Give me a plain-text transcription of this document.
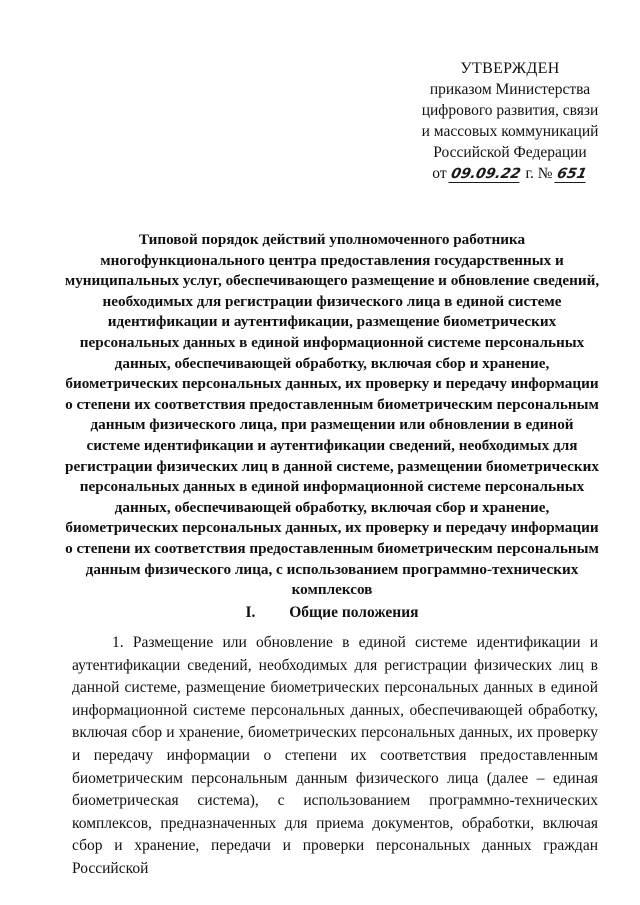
УТВЕРЖДЕН
приказом Министерства
цифрового развития, связи
и массовых коммуникаций
Российской Федерации
от 09.09.22 г. № 651
Типовой порядок действий уполномоченного работника многофункционального центра предоставления государственных и муниципальных услуг, обеспечивающего размещение и обновление сведений, необходимых для регистрации физического лица в единой системе идентификации и аутентификации, размещение биометрических персональных данных в единой информационной системе персональных данных, обеспечивающей обработку, включая сбор и хранение, биометрических персональных данных, их проверку и передачу информации о степени их соответствия предоставленным биометрическим персональным данным физического лица, при размещении или обновлении в единой системе идентификации и аутентификации сведений, необходимых для регистрации физических лиц в данной системе, размещении биометрических персональных данных в единой информационной системе персональных данных, обеспечивающей обработку, включая сбор и хранение, биометрических персональных данных, их проверку и передачу информации о степени их соответствия предоставленным биометрическим персональным данным физического лица, с использованием программно-технических комплексов
I. Общие положения

1. Размещение или обновление в единой системе идентификации и аутентификации сведений, необходимых для регистрации физических лиц в данной системе, размещение биометрических персональных данных в единой информационной системе персональных данных, обеспечивающей обработку, включая сбор и хранение, биометрических персональных данных, их проверку и передачу информации о степени их соответствия предоставленным биометрическим персональным данным физического лица (далее – единая биометрическая система), с использованием программно-технических комплексов, предназначенных для приема документов, обработки, включая сбор и хранение, передачи и проверки персональных данных граждан Российской
